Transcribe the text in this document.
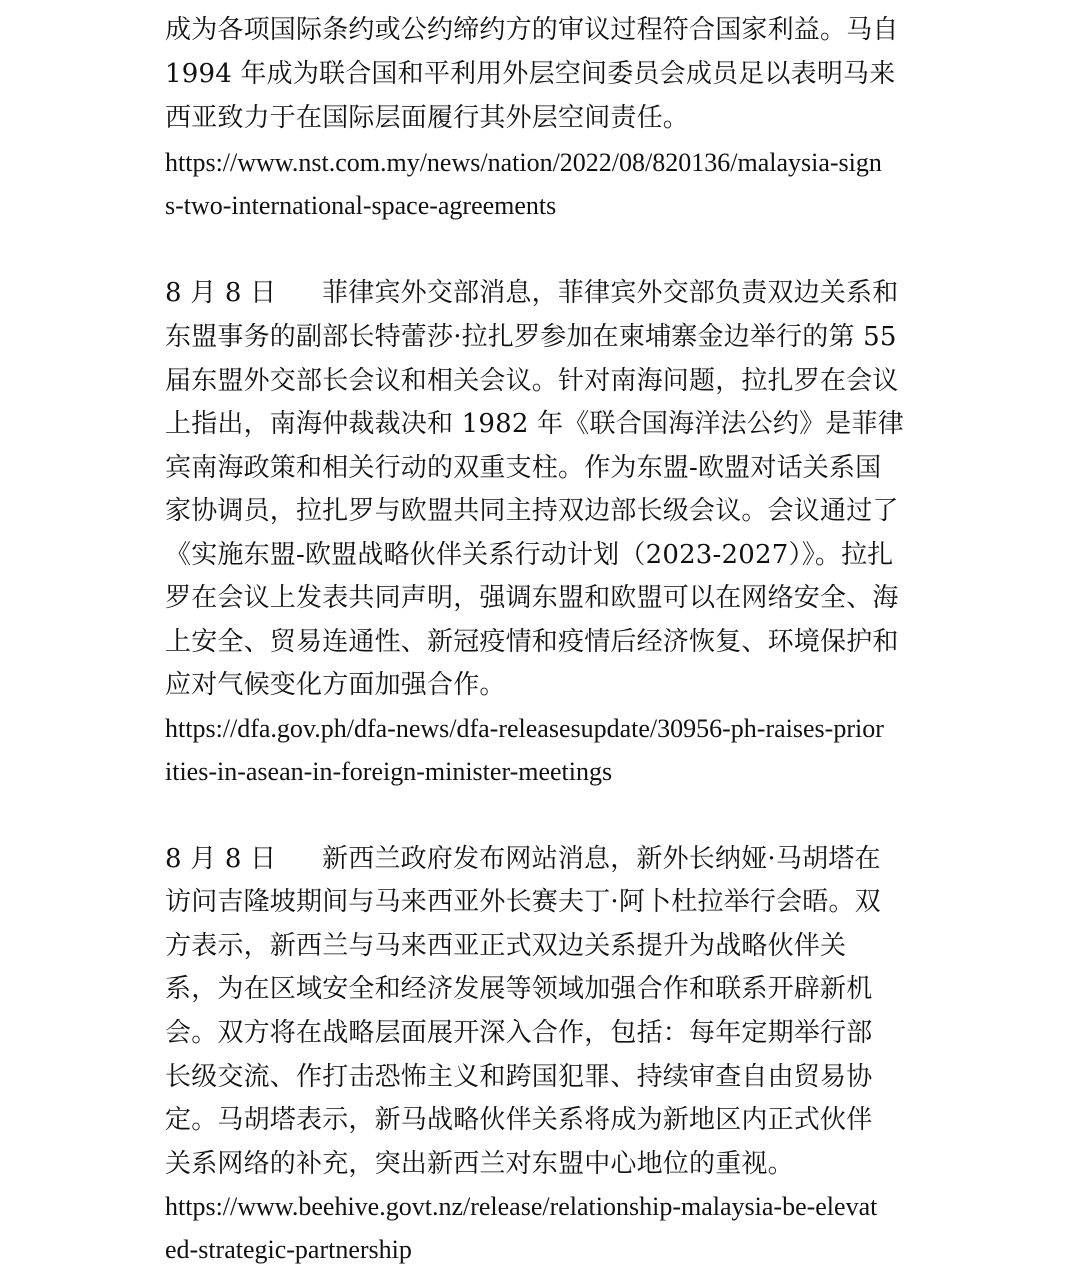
成为各项国际条约或公约缔约方的审议过程符合国家利益。马自
1994 年成为联合国和平利用外层空间委员会成员足以表明马来
西亚致力于在国际层面履行其外层空间责任。
https://www.nst.com.my/news/nation/2022/08/820136/malaysia-sign
s-two-international-space-agreements
8 月 8 日 菲律宾外交部消息，菲律宾外交部负责双边关系和
东盟事务的副部长特蕾莎·拉扎罗参加在柬埔寨金边举行的第 55
届东盟外交部长会议和相关会议。针对南海问题，拉扎罗在会议
上指出，南海仲裁裁决和 1982 年《联合国海洋法公约》是菲律
宾南海政策和相关行动的双重支柱。作为东盟-欧盟对话关系国
家协调员，拉扎罗与欧盟共同主持双边部长级会议。会议通过了
《实施东盟-欧盟战略伙伴关系行动计划（2023-2027）》。拉扎
罗在会议上发表共同声明，强调东盟和欧盟可以在网络安全、海
上安全、贸易连通性、新冠疫情和疫情后经济恢复、环境保护和
应对气候变化方面加强合作。
https://dfa.gov.ph/dfa-news/dfa-releasesupdate/30956-ph-raises-prior
ities-in-asean-in-foreign-minister-meetings
8 月 8 日 新西兰政府发布网站消息，新外长纳娅·马胡塔在
访问吉隆坡期间与马来西亚外长赛夫丁·阿卜杜拉举行会晤。双
方表示，新西兰与马来西亚正式双边关系提升为战略伙伴关
系，为在区域安全和经济发展等领域加强合作和联系开辟新机
会。双方将在战略层面展开深入合作，包括：每年定期举行部
长级交流、作打击恐怖主义和跨国犯罪、持续审查自由贸易协
定。马胡塔表示，新马战略伙伴关系将成为新地区内正式伙伴
关系网络的补充，突出新西兰对东盟中心地位的重视。
https://www.beehive.govt.nz/release/relationship-malaysia-be-elevat
ed-strategic-partnership
